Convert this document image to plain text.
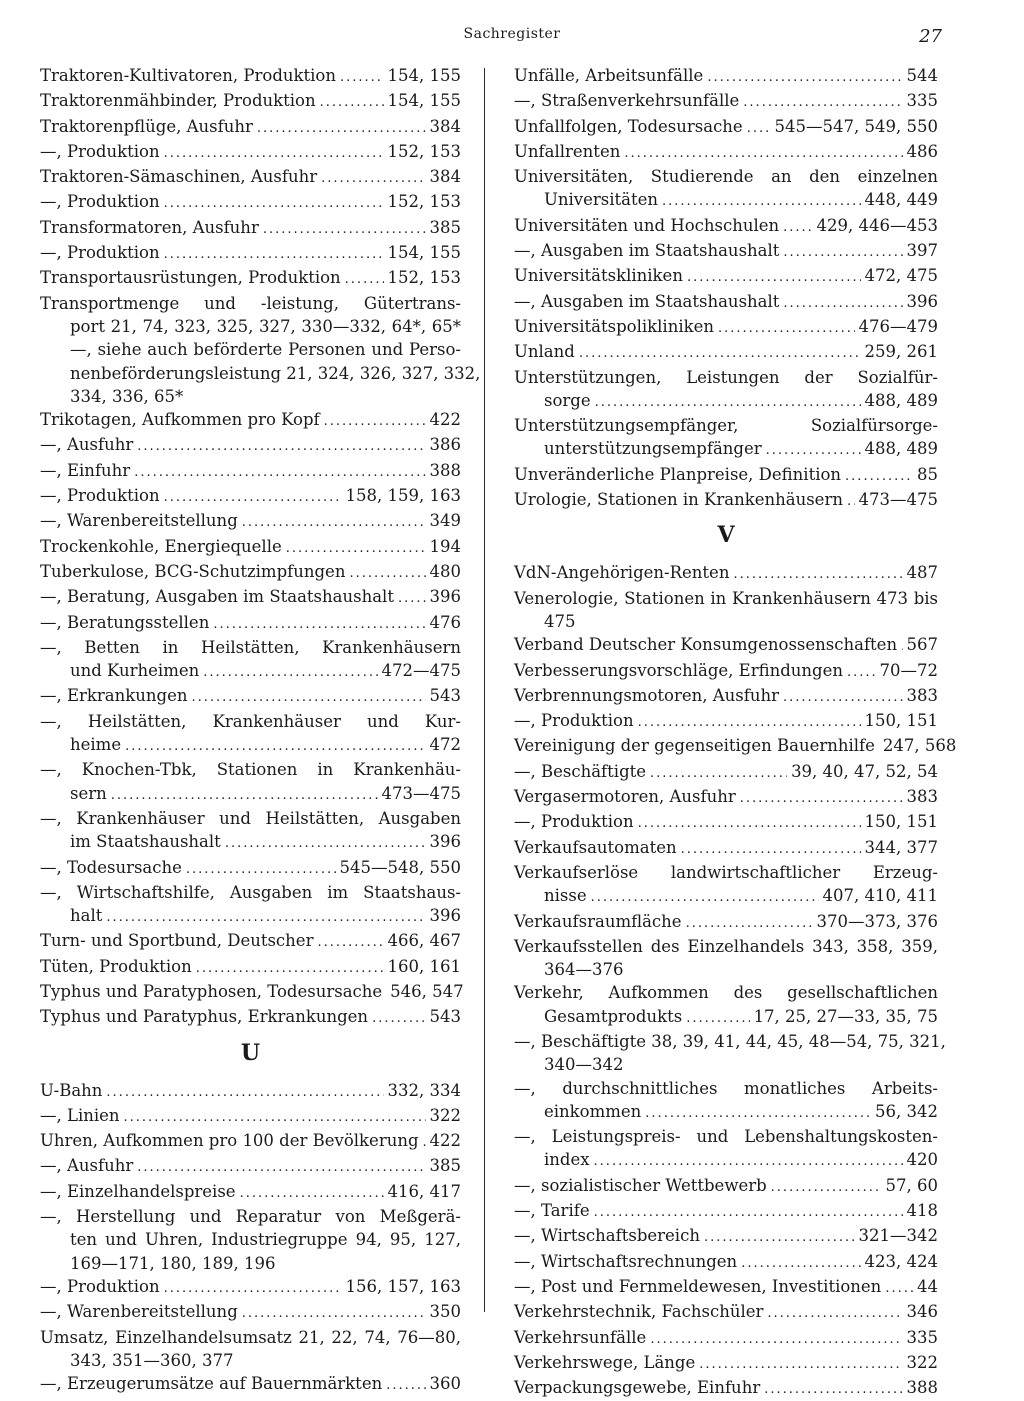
Sachregister	27
Traktoren-Kultivatoren, Produktion .....	154, 155
Traktorenmähbinder, Produktion .....	154, 155
Traktorenpflüge, Ausfuhr .....	384
—, Produktion .....	152, 153
Traktoren-Sämaschinen, Ausfuhr .....	384
—, Produktion .....	152, 153
Transformatoren, Ausfuhr .....	385
—, Produktion .....	154, 155
Transportausrüstungen, Produktion .....	152, 153
Transportmenge und -leistung, Gütertrans-
port 21, 74, 323, 325, 327, 330—332, 64*, 65*
—, siehe auch beförderte Personen und Perso-
nenbeförderungsleistung 21, 324, 326, 327, 332,
334, 336, 65*
Trikotagen, Aufkommen pro Kopf .....	422
—, Ausfuhr .....	386
—, Einfuhr .....	388
—, Produktion .....	158, 159, 163
—, Warenbereitstellung .....	349
Trockenkohle, Energiequelle .....	194
Tuberkulose, BCG-Schutzimpfungen .....	480
—, Beratung, Ausgaben im Staatshaushalt ..... 396
—, Beratungsstellen .....	476
—, Betten in Heilstätten, Krankenhäusern
und Kurheimen .....	472—475
—, Erkrankungen .....	543
—, Heilstätten, Krankenhäuser und Kur-
heime .....	472
—, Knochen-Tbk, Stationen in Krankenhäu-
sern .....	473—475
—, Krankenhäuser und Heilstätten, Ausgaben
im Staatshaushalt .....	396
—, Todesursache .....	545—548, 550
—, Wirtschaftshilfe, Ausgaben im Staatshaus-
halt .....	396
Turn- und Sportbund, Deutscher .....	466, 467
Tüten, Produktion .....	160, 161
Typhus und Paratyphosen, Todesursache 546, 547
Typhus und Paratyphus, Erkrankungen .....	543
U
U-Bahn .....	332, 334
—, Linien .....	322
Uhren, Aufkommen pro 100 der Bevölkerung ..... 422
—, Ausfuhr .....	385
—, Einzelhandelspreise .....	416, 417
—, Herstellung und Reparatur von Meßgerä-
ten und Uhren, Industriegruppe 94, 95, 127,
169—171, 180, 189, 196
—, Produktion .....	156, 157, 163
—, Warenbereitstellung .....	350
Umsatz, Einzelhandelsumsatz 21, 22, 74, 76—80,
343, 351—360, 377
—, Erzeugerumsätze auf Bauernmärkten .....	360
Unfälle, Arbeitsunfälle .....	544
—, Straßenverkehrsunfälle .....	335
Unfallfolgen, Todesursache ..... 545—547, 549, 550
Unfallrenten .....	486
Universitäten, Studierende an den einzelnen
Universitäten .....	448, 449
Universitäten und Hochschulen ..... 429, 446—453
—, Ausgaben im Staatshaushalt .....	397
Universitätskliniken .....	472, 475
—, Ausgaben im Staatshaushalt .....	396
Universitätspolikliniken .....	476—479
Unland .....	259, 261
Unterstützungen, Leistungen der Sozialfür-
sorge .....	488, 489
Unterstützungsempfänger, Sozialfürsorge-
unterstützungsempfänger .....	488, 489
Unveränderliche Planpreise, Definition .....	85
Urologie, Stationen in Krankenhäusern ..... 473—475
V
VdN-Angehörigen-Renten .....	487
Venerologie, Stationen in Krankenhäusern 473 bis
475
Verband Deutscher Konsumgenossenschaften ..... 567
Verbesserungsvorschläge, Erfindungen ..... 70—72
Verbrennungsmotoren, Ausfuhr .....	383
—, Produktion .....	150, 151
Vereinigung der gegenseitigen Bauernhilfe 247, 568
—, Beschäftigte .....	39, 40, 47, 52, 54
Vergasermotoren, Ausfuhr .....	383
—, Produktion .....	150, 151
Verkaufsautomaten .....	344, 377
Verkaufserlöse landwirtschaftlicher Erzeug-
nisse .....	407, 410, 411
Verkaufsraumfläche .....	370—373, 376
Verkaufsstellen des Einzelhandels 343, 358, 359,
364—376
Verkehr, Aufkommen des gesellschaftlichen
Gesamtprodukts .....	17, 25, 27—33, 35, 75
—, Beschäftigte 38, 39, 41, 44, 45, 48—54, 75, 321,
340—342
—, durchschnittliches monatliches Arbeits-
einkommen .....	56, 342
—, Leistungspreis- und Lebenshaltungskosten-
index .....	420
—, sozialistischer Wettbewerb .....	57, 60
—, Tarife .....	418
—, Wirtschaftsbereich .....	321—342
—, Wirtschaftsrechnungen .....	423, 424
—, Post und Fernmeldewesen, Investitionen ..... 44
Verkehrstechnik, Fachschüler .....	346
Verkehrsunfälle .....	335
Verkehrswege, Länge .....	322
Verpackungsgewebe, Einfuhr .....	388
